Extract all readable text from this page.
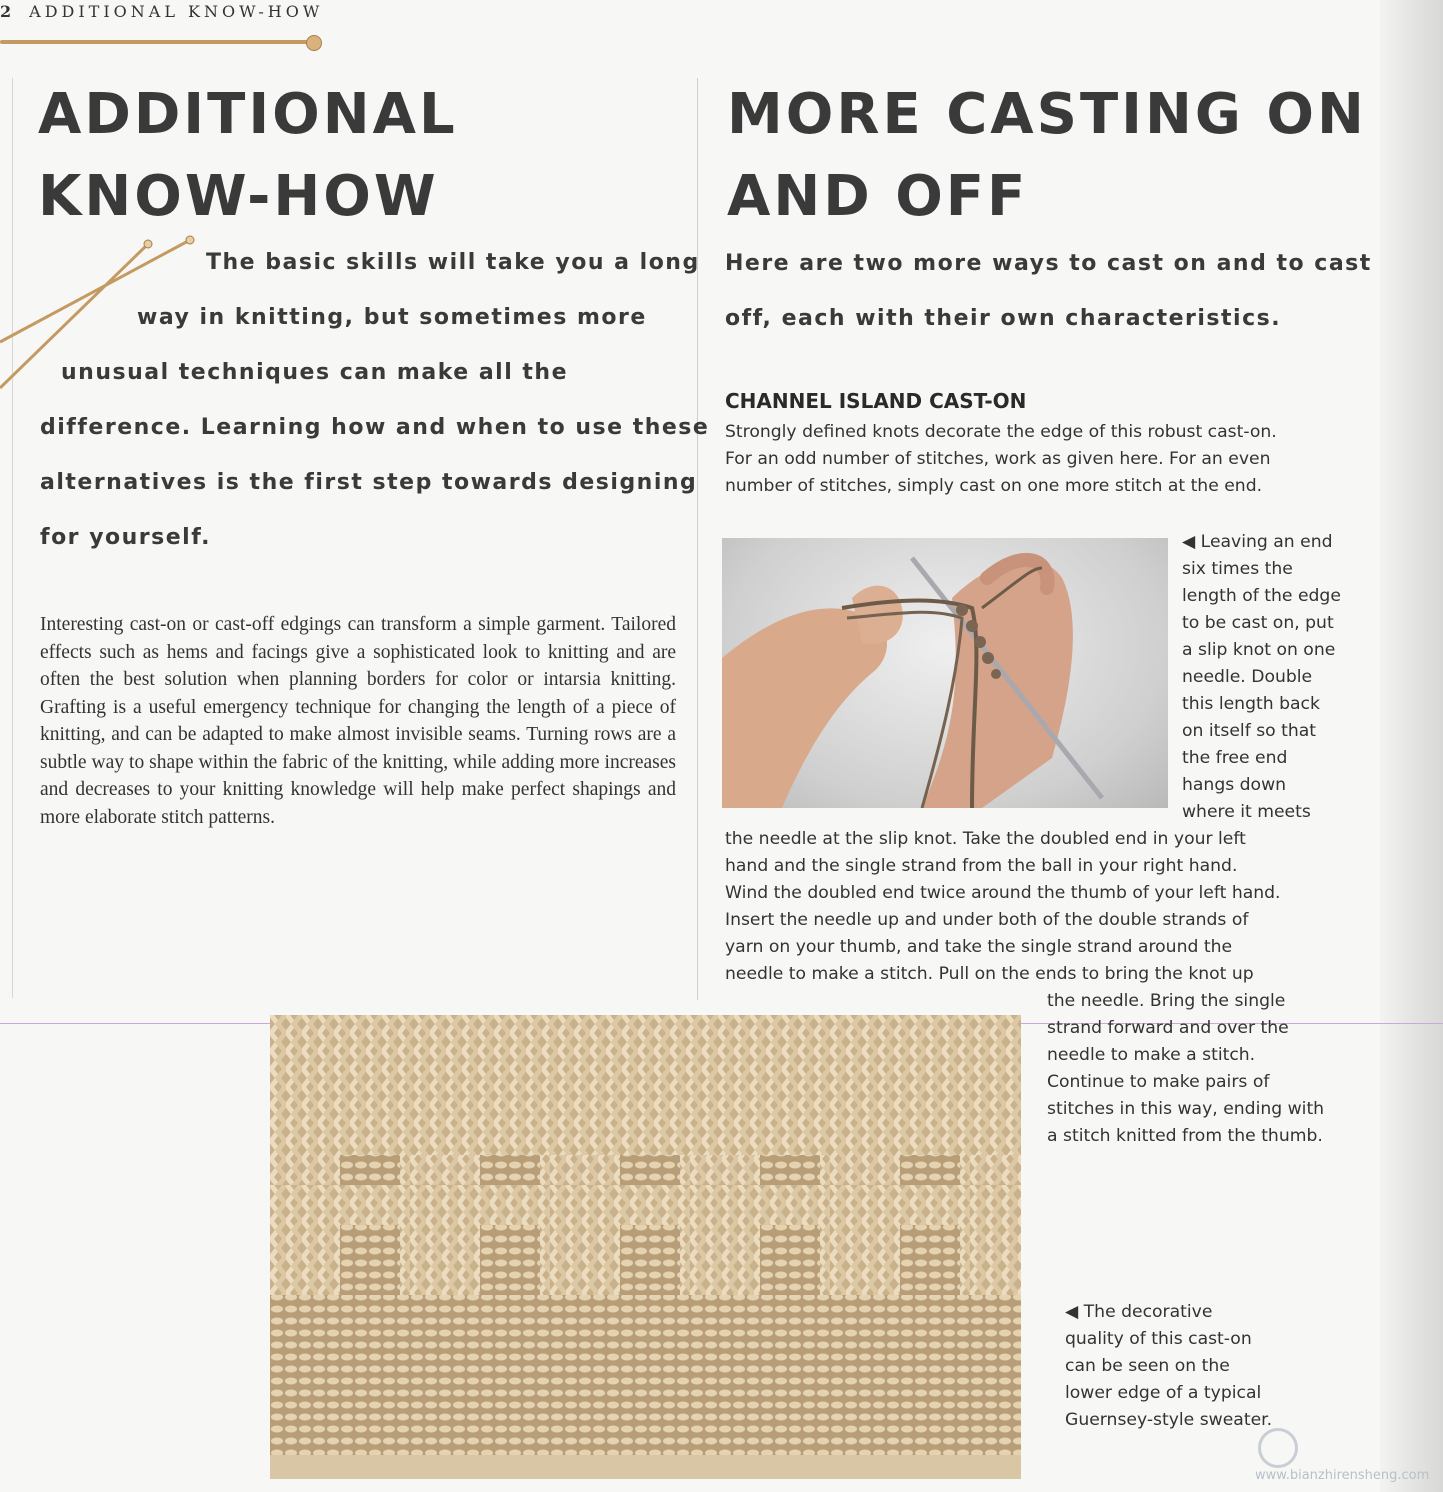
2 ADDITIONAL KNOW-HOW
ADDITIONAL
KNOW-HOW

The basic skills will take you a long

way in knitting, but sometimes more

unusual techniques can make all the

difference. Learning how and when to use these

alternatives is the first step towards designing

for yourself.

Interesting cast-on or cast-off edgings can transform a simple garment. Tailored effects such as hems and facings give a sophisticated look to knitting and are often the best solution when planning borders for color or intarsia knitting. Grafting is a useful emergency technique for changing the length of a piece of knitting, and can be adapted to make almost invisible seams. Turning rows are a subtle way to shape within the fabric of the knitting, while adding more increases and decreases to your knitting knowledge will help make perfect shapings and more elaborate stitch patterns.

MORE CASTING ON
AND OFF

Here are two more ways to cast on and to cast

off, each with their own characteristics.

CHANNEL ISLAND CAST-ON

Strongly defined knots decorate the edge of this robust cast-on.

For an odd number of stitches, work as given here. For an even

number of stitches, simply cast on one more stitch at the end.

◀ Leaving an end

six times the

length of the edge

to be cast on, put

a slip knot on one

needle. Double

this length back

on itself so that

the free end

hangs down

where it meets

the needle at the slip knot. Take the doubled end in your left

hand and the single strand from the ball in your right hand.

Wind the doubled end twice around the thumb of your left hand.

Insert the needle up and under both of the double strands of

yarn on your thumb, and take the single strand around the

needle to make a stitch. Pull on the ends to bring the knot up

the needle. Bring the single

strand forward and over the

needle to make a stitch.

Continue to make pairs of

stitches in this way, ending with

a stitch knitted from the thumb.

◀ The decorative

quality of this cast-on

can be seen on the

lower edge of a typical

Guernsey-style sweater.

www.bianzhirensheng.com
